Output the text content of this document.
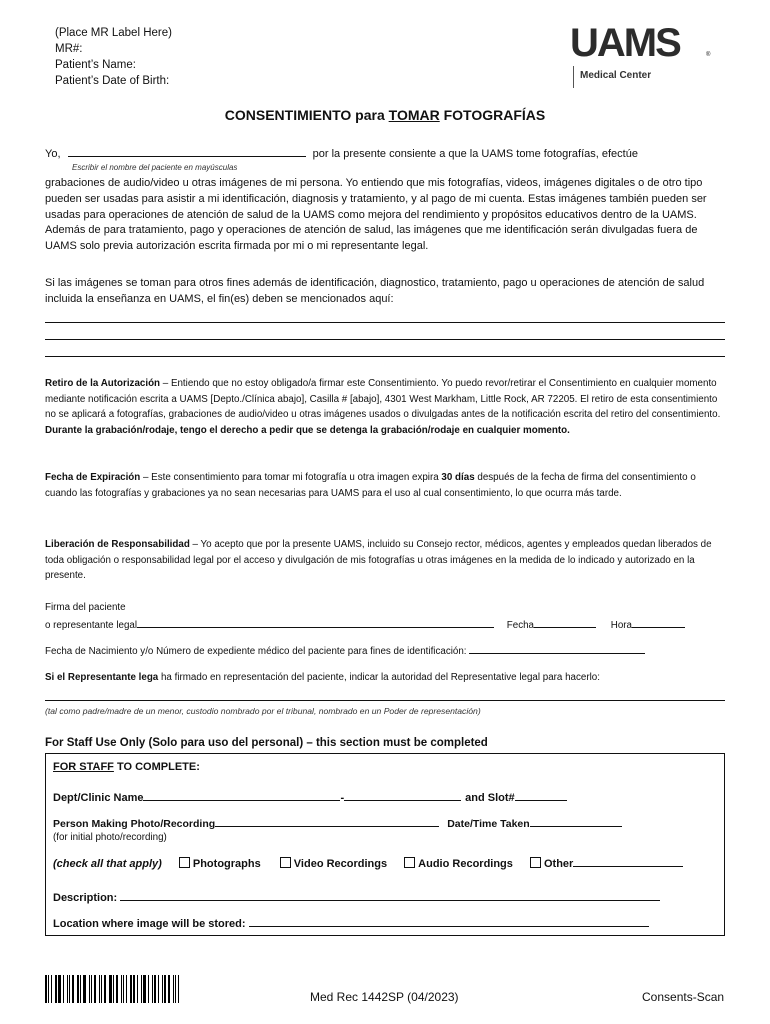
(Place MR Label Here)
MR#:
Patient’s Name:
Patient’s Date of Birth:
UAMS	®
Medical Center
CONSENTIMIENTO para TOMAR FOTOGRAFÍAS
Yo,	por la presente consiente a que la UAMS tome fotografías, efectúe
Escribir el nombre del paciente en mayúsculas
grabaciones de audio/video u otras imágenes de mi persona. Yo entiendo que mis fotografías, videos, imágenes digitales o de otro tipo pueden ser usadas para asistir a mi identificación, diagnosis y tratamiento, y al pago de mi cuenta. Estas imágenes también pueden ser usadas para operaciones de atención de salud de la UAMS como mejora del rendimiento y propósitos educativos dentro de la UAMS. Además de para tratamiento, pago y operaciones de atención de salud, las imágenes que me identificación serán divulgadas fuera de UAMS solo previa autorización escrita firmada por mi o mi representante legal.
Si las imágenes se toman para otros fines además de identificación, diagnostico, tratamiento, pago u operaciones de atención de salud incluida la enseñanza en UAMS, el fin(es) deben se mencionados aquí:
Retiro de la Autorización – Entiendo que no estoy obligado/a firmar este Consentimiento. Yo puedo revor/retirar el Consentimiento en cualquier momento mediante notificación escrita a UAMS [Depto./Clínica abajo], Casilla # [abajo], 4301 West Markham, Little Rock, AR 72205. El retiro de esta consentimiento no se aplicará a fotografías, grabaciones de audio/video u otras imágenes usados o divulgadas antes de la notificación escrita del retiro del consentimiento. Durante la grabación/rodaje, tengo el derecho a pedir que se detenga la grabación/rodaje en cualquier momento.
Fecha de Expiración – Este consentimiento para tomar mi fotografía u otra imagen expira 30 días después de la fecha de firma del consentimiento o cuando las fotografías y grabaciones ya no sean necesarias para UAMS para el uso al cual consentimiento, lo que ocurra más tarde.
Liberación de Responsabilidad – Yo acepto que por la presente UAMS, incluido su Consejo rector, médicos, agentes y empleados quedan liberados de toda obligación o responsabilidad legal por el acceso y divulgación de mis fotografías u otras imágenes en la medida de lo indicado y autorizado en la presente.
Firma del paciente
o representante legal	Fecha	Hora
Fecha de Nacimiento y/o Número de expediente médico del paciente para fines de identificación:
Si el Representante lega ha firmado en representación del paciente, indicar la autoridad del Representative legal para hacerlo:
(tal como padre/madre de un menor, custodio nombrado por el tribunal, nombrado en un Poder de representación)
For Staff Use Only (Solo para uso del personal) – this section must be completed
FOR STAFF TO COMPLETE:
Dept/Clinic Name	-	and Slot#
Person Making Photo/Recording	Date/Time Taken
(for initial photo/recording)
(check all that apply)	Photographs	Video Recordings	Audio Recordings	Other
Description:
Location where image will be stored:
Med Rec 1442SP (04/2023)	Consents-Scan
